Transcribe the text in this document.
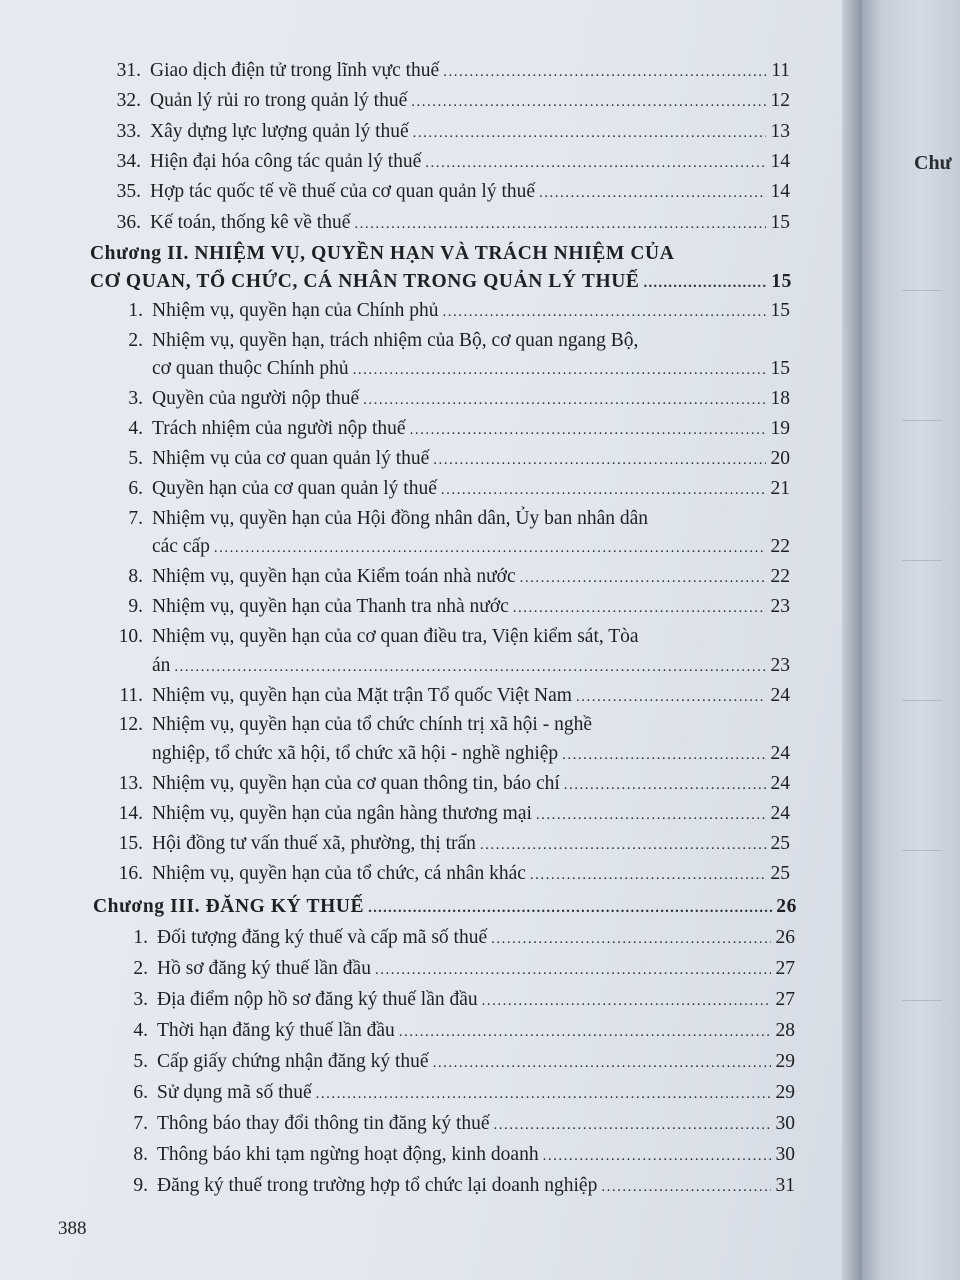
31. Giao dịch điện tử trong lĩnh vực thuế .....	11
32. Quản lý rủi ro trong quản lý thuế .....	12
33. Xây dựng lực lượng quản lý thuế .....	13
34. Hiện đại hóa công tác quản lý thuế .....	14
35. Hợp tác quốc tế về thuế của cơ quan quản lý thuế .....	14
36. Kế toán, thống kê về thuế .....	15
Chương II. NHIỆM VỤ, QUYỀN HẠN VÀ TRÁCH NHIỆM CỦA
CƠ QUAN, TỔ CHỨC, CÁ NHÂN TRONG QUẢN LÝ THUẾ .....	15
1. Nhiệm vụ, quyền hạn của Chính phủ .....	15
2. Nhiệm vụ, quyền hạn, trách nhiệm của Bộ, cơ quan ngang Bộ,
cơ quan thuộc Chính phủ .....	15
3. Quyền của người nộp thuế .....	18
4. Trách nhiệm của người nộp thuế .....	19
5. Nhiệm vụ của cơ quan quản lý thuế .....	20
6. Quyền hạn của cơ quan quản lý thuế .....	21
7. Nhiệm vụ, quyền hạn của Hội đồng nhân dân, Ủy ban nhân dân
các cấp .....	22
8. Nhiệm vụ, quyền hạn của Kiểm toán nhà nước .....	22
9. Nhiệm vụ, quyền hạn của Thanh tra nhà nước .....	23
10. Nhiệm vụ, quyền hạn của cơ quan điều tra, Viện kiểm sát, Tòa
án .....	23
11. Nhiệm vụ, quyền hạn của Mặt trận Tổ quốc Việt Nam .....	24
12. Nhiệm vụ, quyền hạn của tổ chức chính trị xã hội - nghề
nghiệp, tổ chức xã hội, tổ chức xã hội - nghề nghiệp .....	24
13. Nhiệm vụ, quyền hạn của cơ quan thông tin, báo chí .....	24
14. Nhiệm vụ, quyền hạn của ngân hàng thương mại .....	24
15. Hội đồng tư vấn thuế xã, phường, thị trấn .....	25
16. Nhiệm vụ, quyền hạn của tổ chức, cá nhân khác .....	25
Chương III. ĐĂNG KÝ THUẾ .....	26
1. Đối tượng đăng ký thuế và cấp mã số thuế .....	26
2. Hồ sơ đăng ký thuế lần đầu .....	27
3. Địa điểm nộp hồ sơ đăng ký thuế lần đầu .....	27
4. Thời hạn đăng ký thuế lần đầu .....	28
5. Cấp giấy chứng nhận đăng ký thuế .....	29
6. Sử dụng mã số thuế .....	29
7. Thông báo thay đổi thông tin đăng ký thuế .....	30
8. Thông báo khi tạm ngừng hoạt động, kinh doanh .....	30
9. Đăng ký thuế trong trường hợp tổ chức lại doanh nghiệp .....	31
388
Chư
